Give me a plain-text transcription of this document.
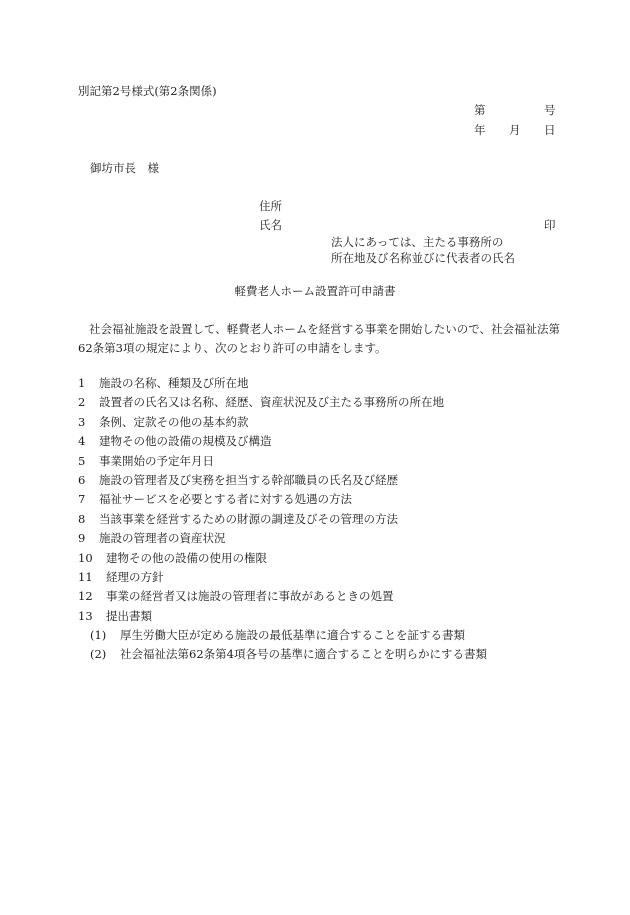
別記第2号様式(第2条関係)
第	号
年 月 日
御坊市長　様
住所
氏名	印
法人にあっては、主たる事務所の
所在地及び名称並びに代表者の氏名
軽費老人ホーム設置許可申請書
社会福祉施設を設置して、軽費老人ホームを経営する事業を開始したいので、社会福祉法第62条第3項の規定により、次のとおり許可の申請をします。
1	施設の名称、種類及び所在地
2	設置者の氏名又は名称、経歴、資産状況及び主たる事務所の所在地
3	条例、定款その他の基本約款
4	建物その他の設備の規模及び構造
5	事業開始の予定年月日
6	施設の管理者及び実務を担当する幹部職員の氏名及び経歴
7	福祉サービスを必要とする者に対する処遇の方法
8	当該事業を経営するための財源の調達及びその管理の方法
9	施設の管理者の資産状況
10	建物その他の設備の使用の権限
11	経理の方針
12	事業の経営者又は施設の管理者に事故があるときの処置
13	提出書類
(1)	厚生労働大臣が定める施設の最低基準に適合することを証する書類
(2)	社会福祉法第62条第4項各号の基準に適合することを明らかにする書類
